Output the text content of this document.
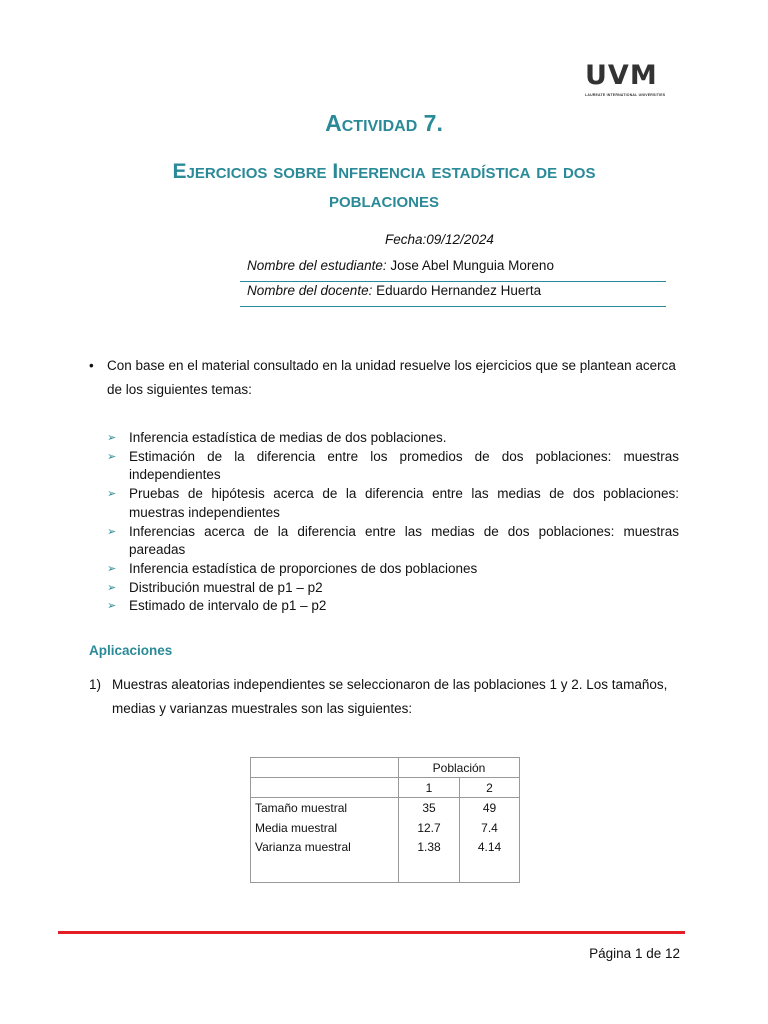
UVM
LAUREATE INTERNATIONAL UNIVERSITIES
Actividad 7.
Ejercicios sobre Inferencia estadística de dos
poblaciones
Fecha:09/12/2024
Nombre del estudiante: Jose Abel Munguia Moreno
Nombre del docente: Eduardo Hernandez Huerta
• Con base en el material consultado en la unidad resuelve los ejercicios que se plantean acerca de los siguientes temas:
➢ Inferencia estadística de medias de dos poblaciones.
➢ Estimación de la diferencia entre los promedios de dos poblaciones: muestras independientes
➢ Pruebas de hipótesis acerca de la diferencia entre las medias de dos poblaciones: muestras independientes
➢ Inferencias acerca de la diferencia entre las medias de dos poblaciones: muestras pareadas
➢ Inferencia estadística de proporciones de dos poblaciones
➢ Distribución muestral de p1 – p2
➢ Estimado de intervalo de p1 – p2
Aplicaciones
1) Muestras aleatorias independientes se seleccionaron de las poblaciones 1 y 2. Los tamaños, medias y varianzas muestrales son las siguientes:
	Población	
	1	2
Tamaño muestral	35	49
Media muestral	12.7	7.4
Varianza muestral	1.38	4.14
Página 1 de 12
